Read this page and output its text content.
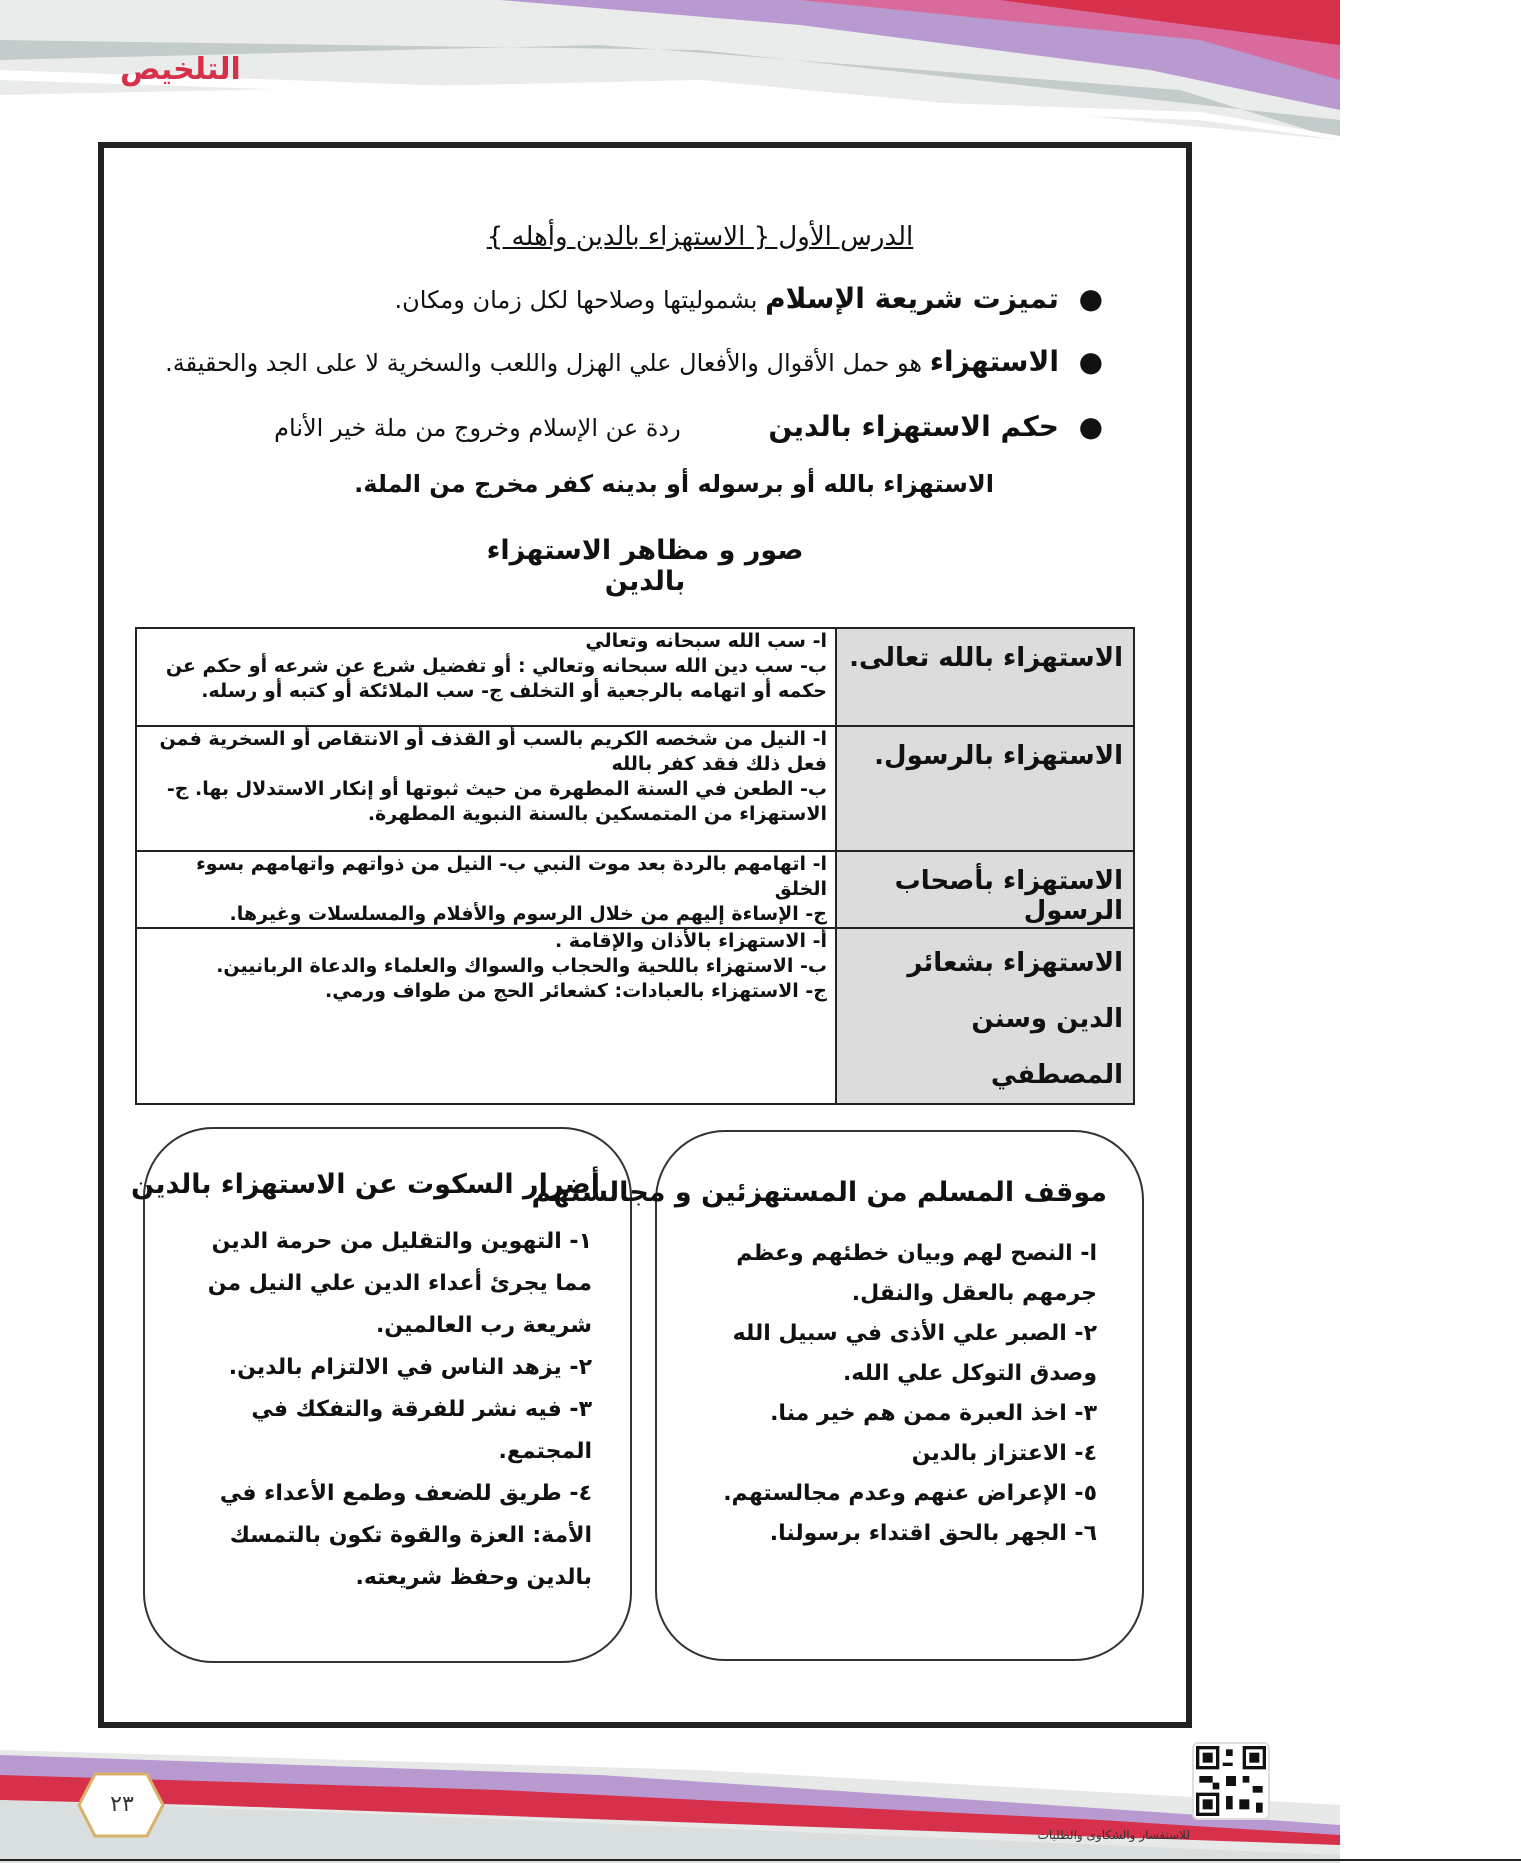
التلخيص
الدرس الأول { الاستهزاء بالدين وأهله }
● تميزت شريعة الإسلام بشموليتها وصلاحها لكل زمان ومكان.
● الاستهزاء هو حمل الأقوال والأفعال علي الهزل واللعب والسخرية لا على الجد والحقيقة.
● حكم الاستهزاء بالدين ردة عن الإسلام وخروج من ملة خير الأنام
الاستهزاء بالله أو برسوله أو بدينه كفر مخرج من الملة.
صور و مظاهر الاستهزاء بالدين
الاستهزاء بالله تعالى.	ا- سب الله سبحانه وتعالي
ب- سب دين الله سبحانه وتعالي : أو تفضيل شرع عن شرعه أو حكم عن حكمه أو اتهامه بالرجعية أو التخلف ج- سب الملائكة أو كتبه أو رسله.

الاستهزاء بالرسول.	ا- النيل من شخصه الكريم بالسب أو القذف أو الانتقاص أو السخرية فمن فعل ذلك فقد كفر بالله
ب- الطعن في السنة المطهرة من حيث ثبوتها أو إنكار الاستدلال بها. ج- الاستهزاء من المتمسكين بالسنة النبوية المطهرة.

الاستهزاء بأصحاب الرسول	ا- اتهامهم بالردة بعد موت النبي ب- النيل من ذواتهم واتهامهم بسوء الخلق
ج- الإساءة إليهم من خلال الرسوم والأفلام والمسلسلات وغيرها.

الاستهزاء بشعائر الدين وسنن المصطفي	أ- الاستهزاء بالأذان والإقامة .
ب- الاستهزاء باللحية والحجاب والسواك والعلماء والدعاة الربانيين.
ج- الاستهزاء بالعبادات: كشعائر الحج من طواف ورمي.
أضرار السكوت عن الاستهزاء بالدين
١- التهوين والتقليل من حرمة الدين مما يجرئ أعداء الدين علي النيل من شريعة رب العالمين.
٢- يزهد الناس في الالتزام بالدين.
٣- فيه نشر للفرقة والتفكك في المجتمع.
٤- طريق للضعف وطمع الأعداء في الأمة: العزة والقوة تكون بالتمسك بالدين وحفظ شريعته.
موقف المسلم من المستهزئين و مجالستهم
ا- النصح لهم وبيان خطئهم وعظم جرمهم بالعقل والنقل.
٢- الصبر علي الأذى في سبيل الله وصدق التوكل علي الله.
٣- اخذ العبرة ممن هم خير منا.
٤- الاعتزاز بالدين
٥- الإعراض عنهم وعدم مجالستهم.
٦- الجهر بالحق اقتداء برسولنا.
٢٣
للاستفسار والشكاوى والطلبات
